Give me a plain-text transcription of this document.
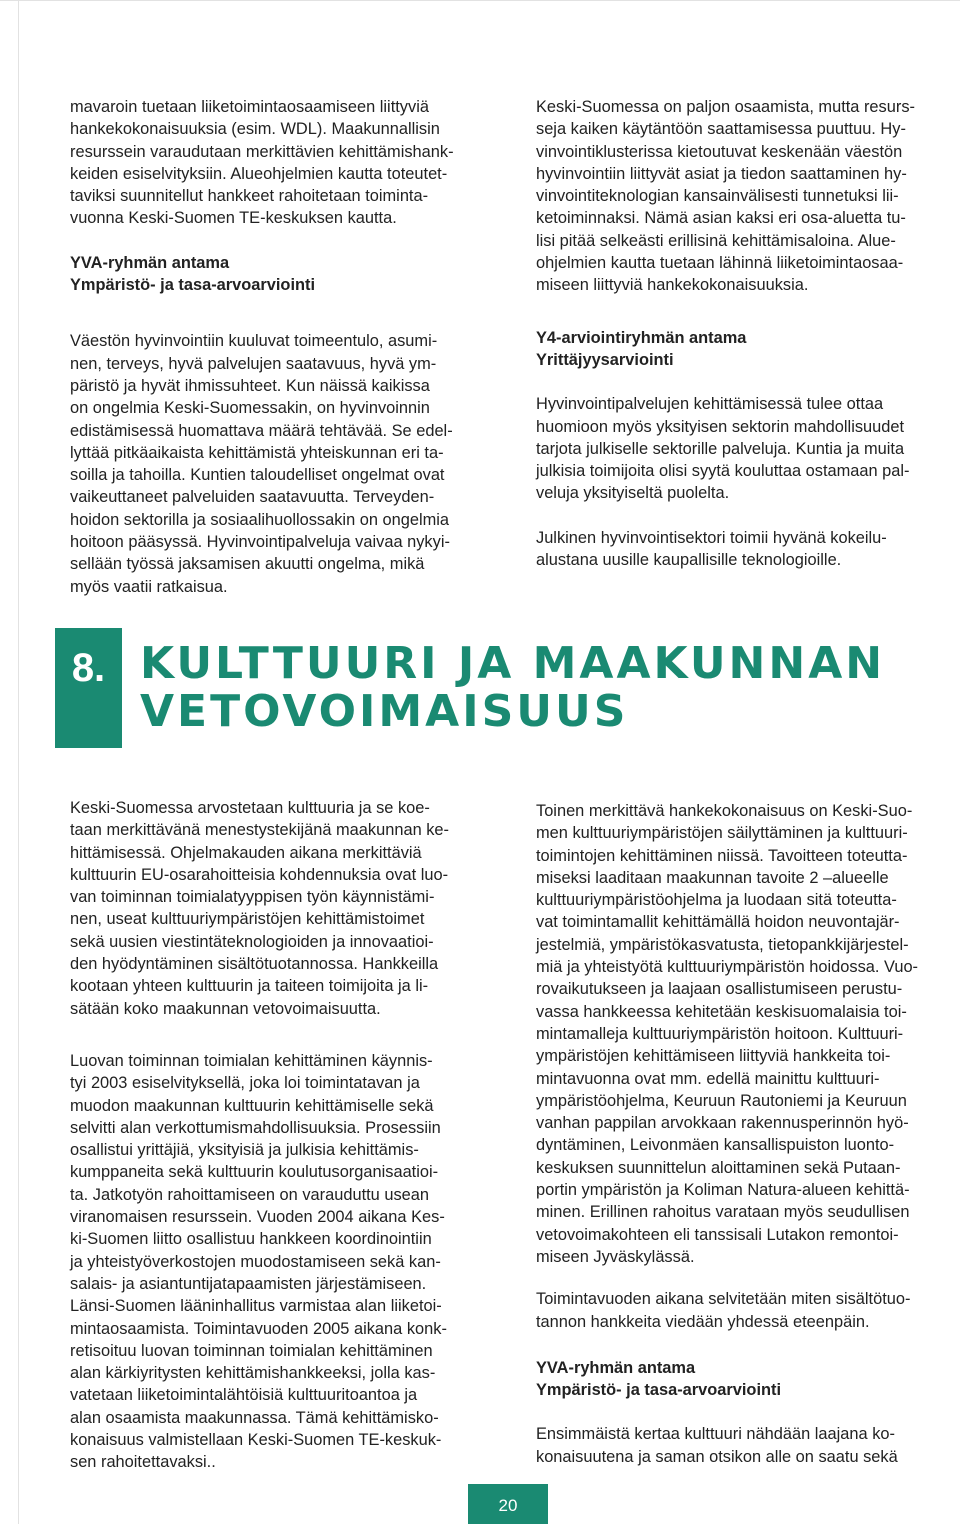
mavaroin tuetaan liiketoimintaosaamiseen liittyviä

hankekokonaisuuksia (esim. WDL). Maakunnallisin

resurssein varaudutaan merkittävien kehittämishank-

keiden esiselvityksiin. Alueohjelmien kautta toteutet-

taviksi suunnitellut hankkeet rahoitetaan toiminta-

vuonna Keski-Suomen TE-keskuksen kautta.

YVA-ryhmän antama

Ympäristö- ja tasa-arvoarviointi

Väestön hyvinvointiin kuuluvat toimeentulo, asumi-

nen, terveys, hyvä palvelujen saatavuus, hyvä ym-

päristö ja hyvät ihmissuhteet. Kun näissä kaikissa

on ongelmia Keski-Suomessakin, on hyvinvoinnin

edistämisessä huomattava määrä tehtävää. Se edel-

lyttää pitkäaikaista kehittämistä yhteiskunnan eri ta-

soilla ja tahoilla. Kuntien taloudelliset ongelmat ovat

vaikeuttaneet palveluiden saatavuutta. Terveyden-

hoidon sektorilla ja sosiaalihuollossakin on ongelmia

hoitoon pääsyssä. Hyvinvointipalveluja vaivaa nykyi-

sellään työssä jaksamisen akuutti ongelma, mikä

myös vaatii ratkaisua.

Keski-Suomessa on paljon osaamista, mutta resurs-

seja kaiken käytäntöön saattamisessa puuttuu. Hy-

vinvointiklusterissa kietoutuvat keskenään väestön

hyvinvointiin liittyvät asiat ja tiedon saattaminen hy-

vinvointiteknologian kansainvälisesti tunnetuksi lii-

ketoiminnaksi. Nämä asian kaksi eri osa-aluetta tu-

lisi pitää selkeästi erillisinä kehittämisaloina. Alue-

ohjelmien kautta tuetaan lähinnä liiketoimintaosaa-

miseen liittyviä hankekokonaisuuksia.

Y4-arviointiryhmän antama

Yrittäjyysarviointi

Hyvinvointipalvelujen kehittämisessä tulee ottaa

huomioon myös yksityisen sektorin mahdollisuudet

tarjota julkiselle sektorille palveluja. Kuntia ja muita

julkisia toimijoita olisi syytä kouluttaa ostamaan pal-

veluja yksityiseltä puolelta.

Julkinen hyvinvointisektori toimii hyvänä kokeilu-

alustana uusille kaupallisille teknologioille.

8. KULTTUURI JA MAAKUNNAN
VETOVOIMAISUUS

Keski-Suomessa arvostetaan kulttuuria ja se koe-

taan merkittävänä menestystekijänä maakunnan ke-

hittämisessä. Ohjelmakauden aikana merkittäviä

kulttuurin EU-osarahoitteisia kohdennuksia ovat luo-

van toiminnan toimialatyyppisen työn käynnistämi-

nen, useat kulttuuriympäristöjen kehittämistoimet

sekä uusien viestintäteknologioiden ja innovaatioi-

den hyödyntäminen sisältötuotannossa. Hankkeilla

kootaan yhteen kulttuurin ja taiteen toimijoita ja li-

sätään koko maakunnan vetovoimaisuutta.

Luovan toiminnan toimialan kehittäminen käynnis-

tyi 2003 esiselvityksellä, joka loi toimintatavan ja

muodon maakunnan kulttuurin kehittämiselle sekä

selvitti alan verkottumismahdollisuuksia. Prosessiin

osallistui yrittäjiä, yksityisiä ja julkisia kehittämis-

kumppaneita sekä kulttuurin koulutusorganisaatioi-

ta. Jatkotyön rahoittamiseen on varauduttu usean

viranomaisen resurssein. Vuoden 2004 aikana Kes-

ki-Suomen liitto osallistuu hankkeen koordinointiin

ja yhteistyöverkostojen muodostamiseen sekä kan-

salais- ja asiantuntijatapaamisten järjestämiseen.

Länsi-Suomen lääninhallitus varmistaa alan liiketoi-

mintaosaamista. Toimintavuoden 2005 aikana konk-

retisoituu luovan toiminnan toimialan kehittäminen

alan kärkiyritysten kehittämishankkeeksi, jolla kas-

vatetaan liiketoimintalähtöisiä kulttuuritoantoa ja

alan osaamista maakunnassa. Tämä kehittämisko-

konaisuus valmistellaan Keski-Suomen TE-keskuk-

sen rahoitettavaksi..

Toinen merkittävä hankekokonaisuus on Keski-Suo-

men kulttuuriympäristöjen säilyttäminen ja kulttuuri-

toimintojen kehittäminen niissä. Tavoitteen toteutta-

miseksi laaditaan maakunnan tavoite 2 –alueelle

kulttuuriympäristöohjelma ja luodaan sitä toteutta-

vat toimintamallit kehittämällä hoidon neuvontajär-

jestelmiä, ympäristökasvatusta, tietopankkijärjestel-

miä ja yhteistyötä kulttuuriympäristön hoidossa. Vuo-

rovaikutukseen ja laajaan osallistumiseen perustu-

vassa hankkeessa kehitetään keskisuomalaisia toi-

mintamalleja kulttuuriympäristön hoitoon. Kulttuuri-

ympäristöjen kehittämiseen liittyviä hankkeita toi-

mintavuonna ovat mm. edellä mainittu kulttuuri-

ympäristöohjelma, Keuruun Rautoniemi ja Keuruun

vanhan pappilan arvokkaan rakennusperinnön hyö-

dyntäminen, Leivonmäen kansallispuiston luonto-

keskuksen suunnittelun aloittaminen sekä Putaan-

portin ympäristön ja Koliman Natura-alueen kehittä-

minen. Erillinen rahoitus varataan myös seudullisen

vetovoimakohteen eli tanssisali Lutakon remontoi-

miseen Jyväskylässä.

Toimintavuoden aikana selvitetään miten sisältötuo-

tannon hankkeita viedään yhdessä eteenpäin.

YVA-ryhmän antama

Ympäristö- ja tasa-arvoarviointi

Ensimmäistä kertaa kulttuuri nähdään laajana ko-

konaisuutena ja saman otsikon alle on saatu sekä

20
